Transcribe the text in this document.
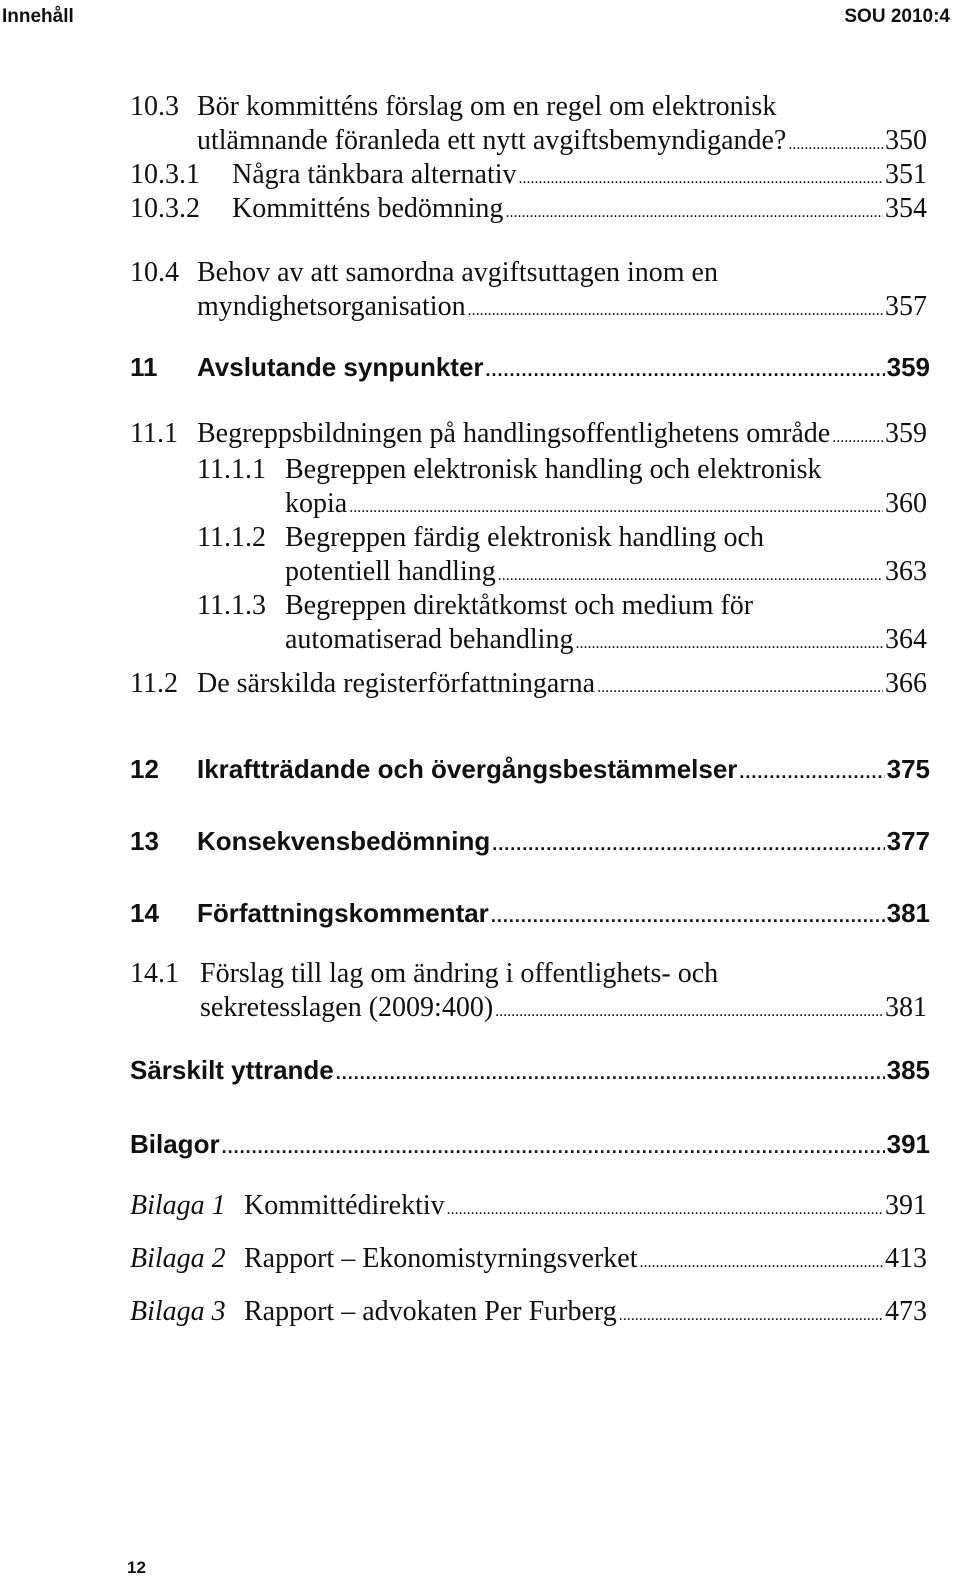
Innehåll	SOU 2010:4
10.3 Bör kommitténs förslag om en regel om elektronisk
utlämnande föranleda ett nytt avgiftsbemyndigande? . . .	350
10.3.1 Några tänkbara alternativ . . .	351
10.3.2 Kommitténs bedömning . . .	354
10.4 Behov av att samordna avgiftsuttagen inom en
myndighetsorganisation . . .	357
11 Avslutande synpunkter . . .	359
11.1 Begreppsbildningen på handlingsoffentlighetens område . . . 359
11.1.1 Begreppen elektronisk handling och elektronisk
kopia . . .	360
11.1.2 Begreppen färdig elektronisk handling och
potentiell handling . . .	363
11.1.3 Begreppen direktåtkomst och medium för
automatiserad behandling . . .	364
11.2 De särskilda registerförfattningarna . . .	366
12 Ikraftträdande och övergångsbestämmelser . . .	375
13 Konsekvensbedömning . . .	377
14 Författningskommentar . . .	381
14.1 Förslag till lag om ändring i offentlighets- och
sekretesslagen (2009:400) . . .	381
Särskilt yttrande . . .	385
Bilagor . . .	391
Bilaga 1 Kommittédirektiv . . .	391
Bilaga 2 Rapport – Ekonomistyrningsverket . . .	413
Bilaga 3 Rapport – advokaten Per Furberg . . .	473
12
